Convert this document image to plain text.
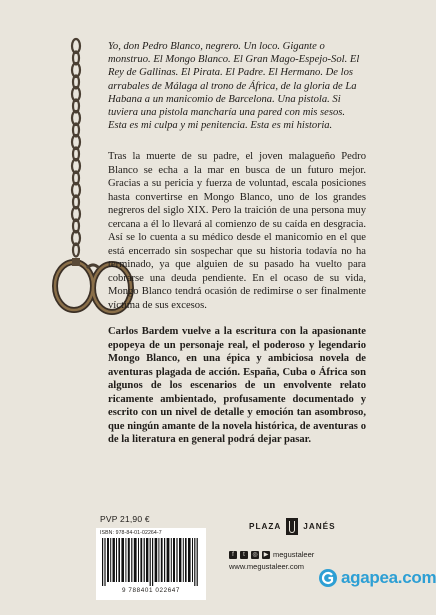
Yo, don Pedro Blanco, negrero. Un loco. Gigante o monstruo. El Mongo Blanco. El Gran Mago-Espejo-Sol. El Rey de Gallinas. El Pirata. El Padre. El Hermano. De los arrabales de Málaga al trono de África, de la gloria de La Habana a un manicomio de Barcelona. Una pistola. Si tuviera una pistola mancharía una pared con mis sesos. Esta es mi culpa y mi penitencia. Esta es mi historia.

Tras la muerte de su padre, el joven malagueño Pedro Blanco se echa a la mar en busca de un futuro mejor. Gracias a su pericia y fuerza de voluntad, escala posiciones hasta convertirse en Mongo Blanco, uno de los grandes negreros del siglo XIX. Pero la traición de una persona muy cercana a él lo llevará al comienzo de su caída en desgracia. Así se lo cuenta a su médico desde el manicomio en el que está encerrado sin sospechar que su historia todavía no ha terminado, ya que alguien de su pasado ha vuelto para cobrarse una deuda pendiente. En el ocaso de su vida, Mongo Blanco tendrá ocasión de redimirse o ser finalmente víctima de sus excesos.

Carlos Bardem vuelve a la escritura con la apasionante epopeya de un personaje real, el poderoso y legendario Mongo Blanco, en una épica y ambiciosa novela de aventuras plagada de acción. España, Cuba o África son algunos de los escenarios de un envolvente relato ricamente ambientado, profusamente documentado y escrito con un nivel de detalle y emoción tan asombroso, que ningún amante de la novela histórica, de aventuras o de la literatura en general podrá dejar pasar.

PVP 21,90 €
ISBN: 978-84-01-02264-7
9 788401 022647
PLAZA	JANÉS
f	t	◎ ▶ megustaleer
www.megustaleer.com
agapea.com
